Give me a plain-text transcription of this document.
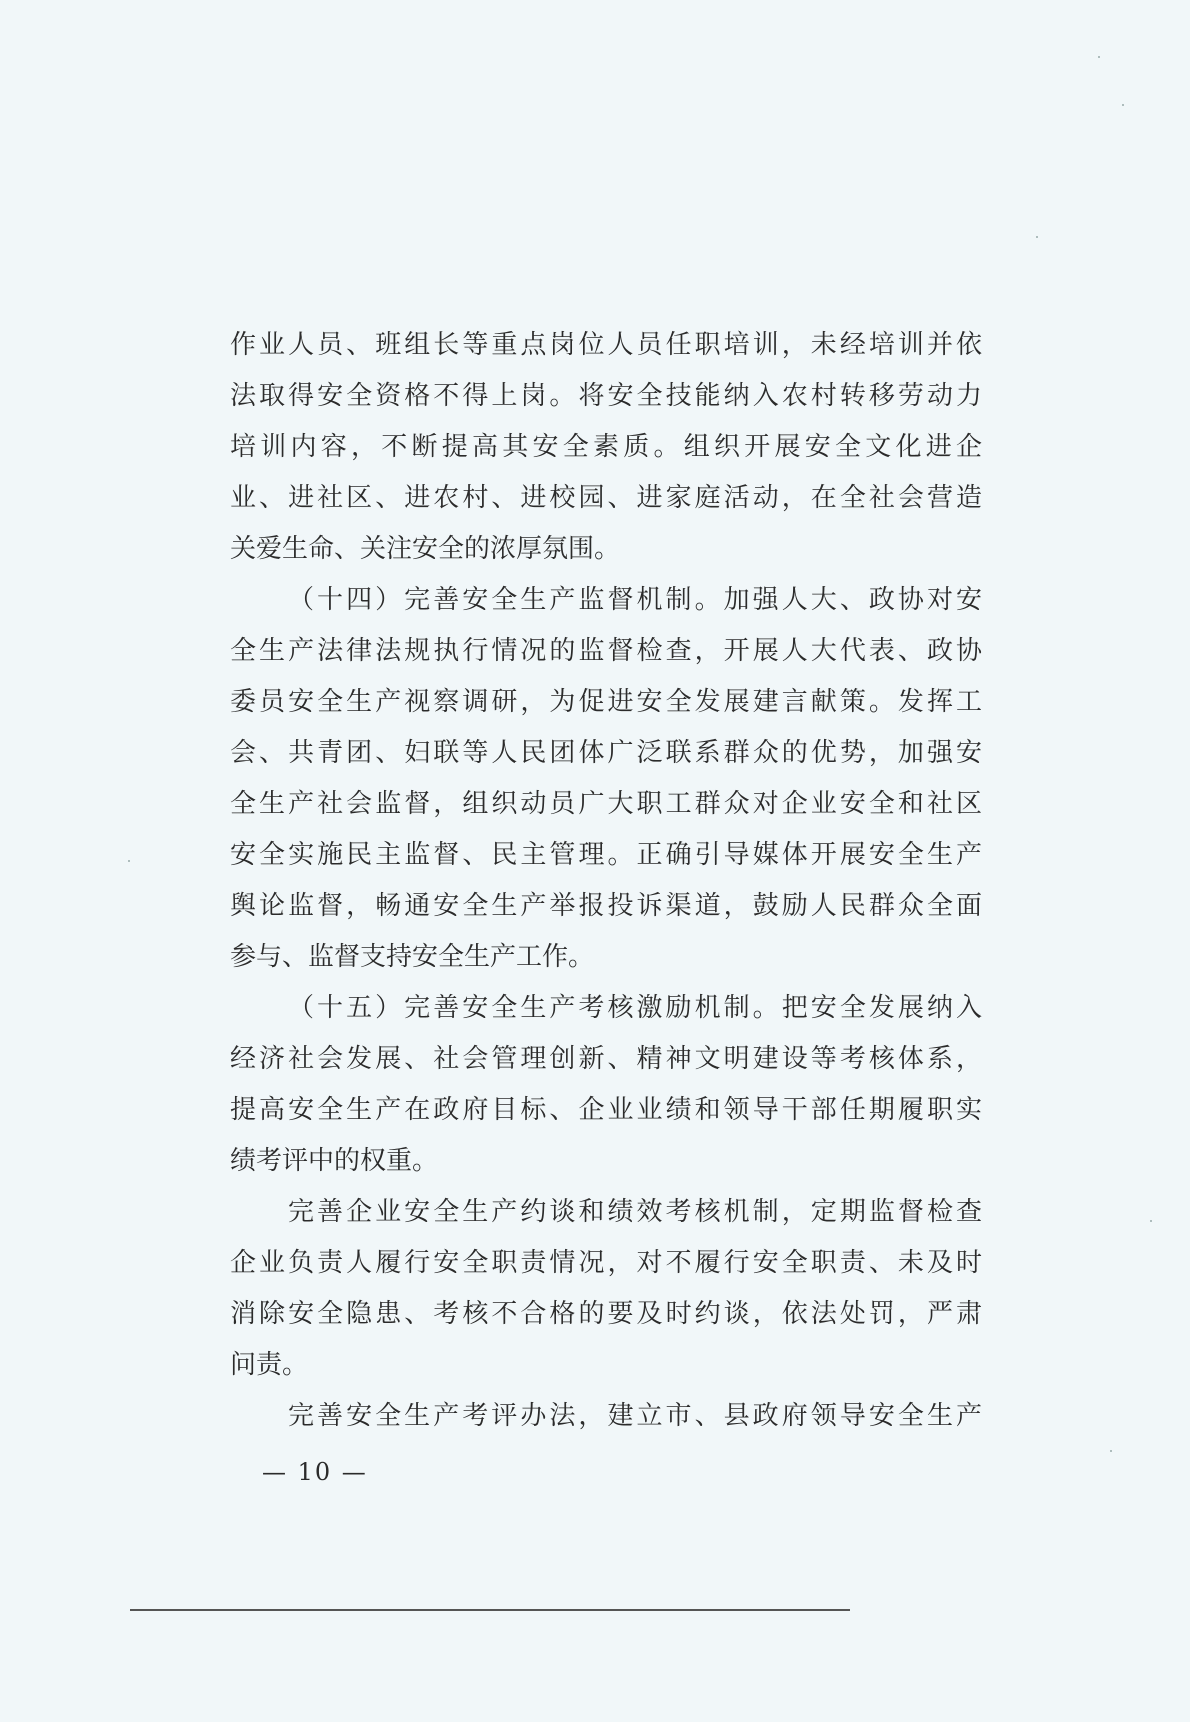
作业人员、班组长等重点岗位人员任职培训，未经培训并依
法取得安全资格不得上岗。将安全技能纳入农村转移劳动力
培训内容，不断提高其安全素质。组织开展安全文化进企
业、进社区、进农村、进校园、进家庭活动，在全社会营造
关爱生命、关注安全的浓厚氛围。
（十四）完善安全生产监督机制。加强人大、政协对安
全生产法律法规执行情况的监督检查，开展人大代表、政协
委员安全生产视察调研，为促进安全发展建言献策。发挥工
会、共青团、妇联等人民团体广泛联系群众的优势，加强安
全生产社会监督，组织动员广大职工群众对企业安全和社区
安全实施民主监督、民主管理。正确引导媒体开展安全生产
舆论监督，畅通安全生产举报投诉渠道，鼓励人民群众全面
参与、监督支持安全生产工作。
（十五）完善安全生产考核激励机制。把安全发展纳入
经济社会发展、社会管理创新、精神文明建设等考核体系，
提高安全生产在政府目标、企业业绩和领导干部任期履职实
绩考评中的权重。
完善企业安全生产约谈和绩效考核机制，定期监督检查
企业负责人履行安全职责情况，对不履行安全职责、未及时
消除安全隐患、考核不合格的要及时约谈，依法处罚，严肃
问责。
完善安全生产考评办法，建立市、县政府领导安全生产
— 10 —
